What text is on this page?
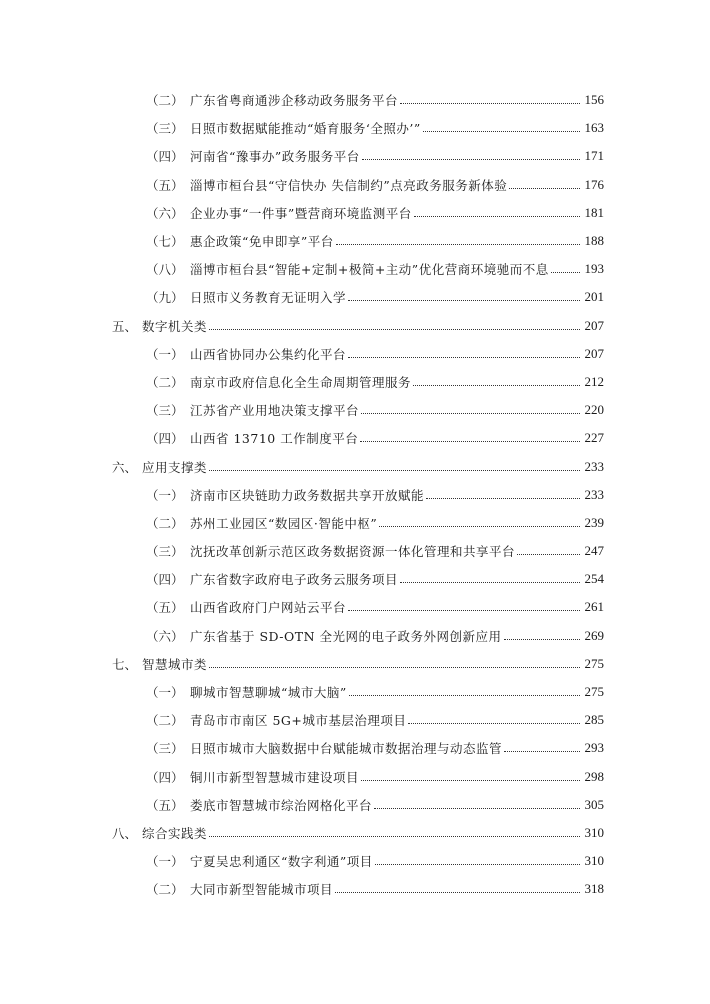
（二） 广东省粤商通涉企移动政务服务平台	156
（三） 日照市数据赋能推动“婚育服务‘全照办’”	163
（四） 河南省“豫事办”政务服务平台	171
（五） 淄博市桓台县“守信快办 失信制约”点亮政务服务新体验	176
（六） 企业办事“一件事”暨营商环境监测平台	181
（七） 惠企政策“免申即享”平台	188
（八） 淄博市桓台县“智能+定制+极简+主动”优化营商环境驰而不息	193
（九） 日照市义务教育无证明入学	201
五、 数字机关类	207
（一） 山西省协同办公集约化平台	207
（二） 南京市政府信息化全生命周期管理服务	212
（三） 江苏省产业用地决策支撑平台	220
（四） 山西省 13710 工作制度平台	227
六、 应用支撑类	233
（一） 济南市区块链助力政务数据共享开放赋能	233
（二） 苏州工业园区“数园区·智能中枢”	239
（三） 沈抚改革创新示范区政务数据资源一体化管理和共享平台	247
（四） 广东省数字政府电子政务云服务项目	254
（五） 山西省政府门户网站云平台	261
（六） 广东省基于 SD-OTN 全光网的电子政务外网创新应用	269
七、 智慧城市类	275
（一） 聊城市智慧聊城“城市大脑”	275
（二） 青岛市市南区 5G+城市基层治理项目	285
（三） 日照市城市大脑数据中台赋能城市数据治理与动态监管	293
（四） 铜川市新型智慧城市建设项目	298
（五） 娄底市智慧城市综治网格化平台	305
八、 综合实践类	310
（一） 宁夏吴忠利通区“数字利通”项目	310
（二） 大同市新型智能城市项目	318
